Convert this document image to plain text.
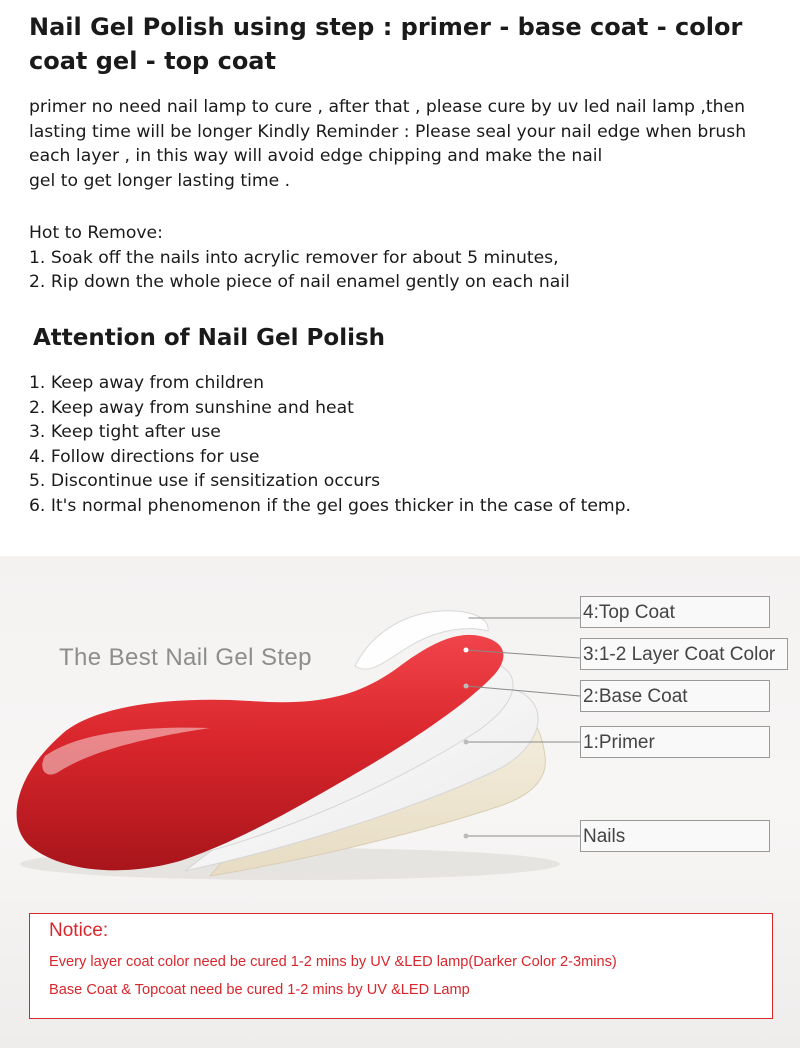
Nail Gel Polish using step : primer - base coat - color coat gel - top coat

primer no need nail lamp to cure , after that , please cure by uv led nail lamp ,then
lasting time will be longer Kindly Reminder : Please seal your nail edge when brush
each layer , in this way will avoid edge chipping and make the nail
gel to get longer lasting time .

Hot to Remove:
1. Soak off the nails into acrylic remover for about 5 minutes,
2. Rip down the whole piece of nail enamel gently on each nail

Attention of Nail Gel Polish
1. Keep away from children
2. Keep away from sunshine and heat
3. Keep tight after use
4. Follow directions for use
5. Discontinue use if sensitization occurs
6. It's normal phenomenon if the gel goes thicker in the case of temp.
The Best Nail Gel Step
4:Top Coat
3:1-2 Layer Coat Color
2:Base Coat
1:Primer
Nails
Notice:
Every layer coat color need be cured 1-2 mins by UV &LED lamp(Darker Color 2-3mins)
Base Coat & Topcoat need be cured 1-2 mins by UV &LED Lamp
